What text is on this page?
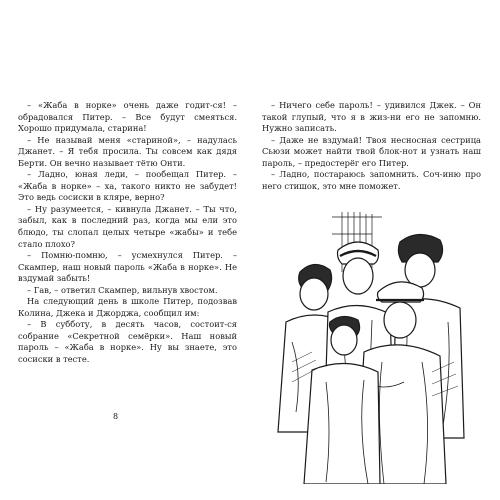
– «Жаба в норке» очень даже годит-ся! – обрадовался Питер. – Все будут смеяться. Хорошо придумала, старина!

– Не называй меня «стариной», – надулась Джанет. – Я тебя просила. Ты совсем как дядя Берти. Он вечно называет тётю Онти.

– Ладно, юная леди, – пообещал Питер. – «Жаба в норке» – ха, такого никто не забудет! Это ведь сосиски в кляре, верно?

– Ну разумеется, – кивнула Джанет. – Ты что, забыл, как в последний раз, когда мы ели это блюдо, ты слопал целых четыре «жабы» и тебе стало плохо?

– Помню-помню, – усмехнулся Питер. – Скампер, наш новый пароль «Жаба в норке». Не вздумай забыть!

– Гав, – ответил Скампер, вильнув хвостом.

На следующий день в школе Питер, подозвав Колина, Джека и Джорджа, сообщил им:

– В субботу, в десять часов, состоит-ся собрание «Секретной семёрки». Наш новый пароль – «Жаба в норке». Ну вы знаете, это сосиски в тесте.

8

– Ничего себе пароль! – удивился Джек. – Он такой глупый, что я в жиз-ни его не запомню. Нужно записать.

– Даже не вздумай! Твоя несносная сестрица Сьюзи может найти твой блок-нот и узнать наш пароль, – предостерёг его Питер.

– Ладно, постараюсь запомнить. Соч-иню про него стишок, это мне поможет.
